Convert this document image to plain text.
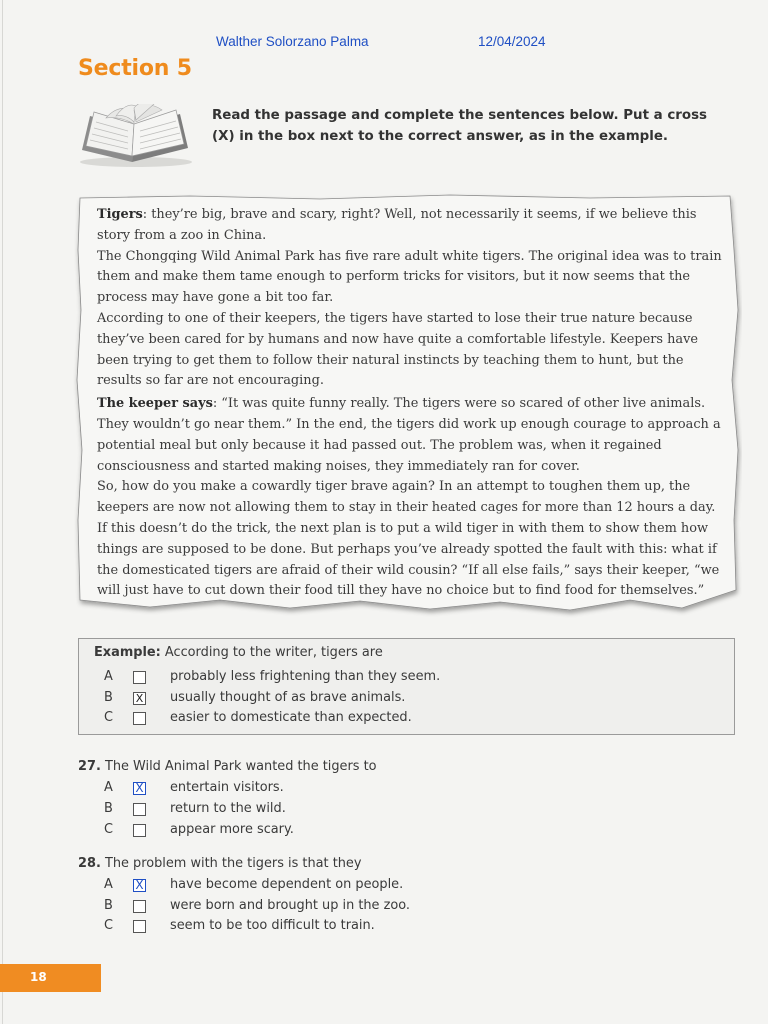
Walther Solorzano Palma	12/04/2024
Section 5
Read the passage and complete the sentences below. Put a cross (X) in the box next to the correct answer, as in the example.

Tigers: they’re big, brave and scary, right? Well, not necessarily it seems, if we believe this story from a zoo in China.

The Chongqing Wild Animal Park has five rare adult white tigers. The original idea was to train them and make them tame enough to perform tricks for visitors, but it now seems that the process may have gone a bit too far.

According to one of their keepers, the tigers have started to lose their true nature because they’ve been cared for by humans and now have quite a comfortable lifestyle. Keepers have been trying to get them to follow their natural instincts by teaching them to hunt, but the results so far are not encouraging.

The keeper says: “It was quite funny really. The tigers were so scared of other live animals. They wouldn’t go near them.” In the end, the tigers did work up enough courage to approach a potential meal but only because it had passed out. The problem was, when it regained consciousness and started making noises, they immediately ran for cover.

So, how do you make a cowardly tiger brave again? In an attempt to toughen them up, the keepers are now not allowing them to stay in their heated cages for more than 12 hours a day. If this doesn’t do the trick, the next plan is to put a wild tiger in with them to show them how things are supposed to be done. But perhaps you’ve already spotted the fault with this: what if the domesticated tigers are afraid of their wild cousin? “If all else fails,” says their keeper, “we will just have to cut down their food till they have no choice but to find food for themselves.”

Example: According to the writer, tigers are
A	probably less frightening than they seem.
B	X usually thought of as brave animals.
C	easier to domesticate than expected.
27. The Wild Animal Park wanted the tigers to
A	X entertain visitors.
B	return to the wild.
C	appear more scary.
28. The problem with the tigers is that they
A	X have become dependent on people.
B	were born and brought up in the zoo.
C	seem to be too difficult to train.
18
